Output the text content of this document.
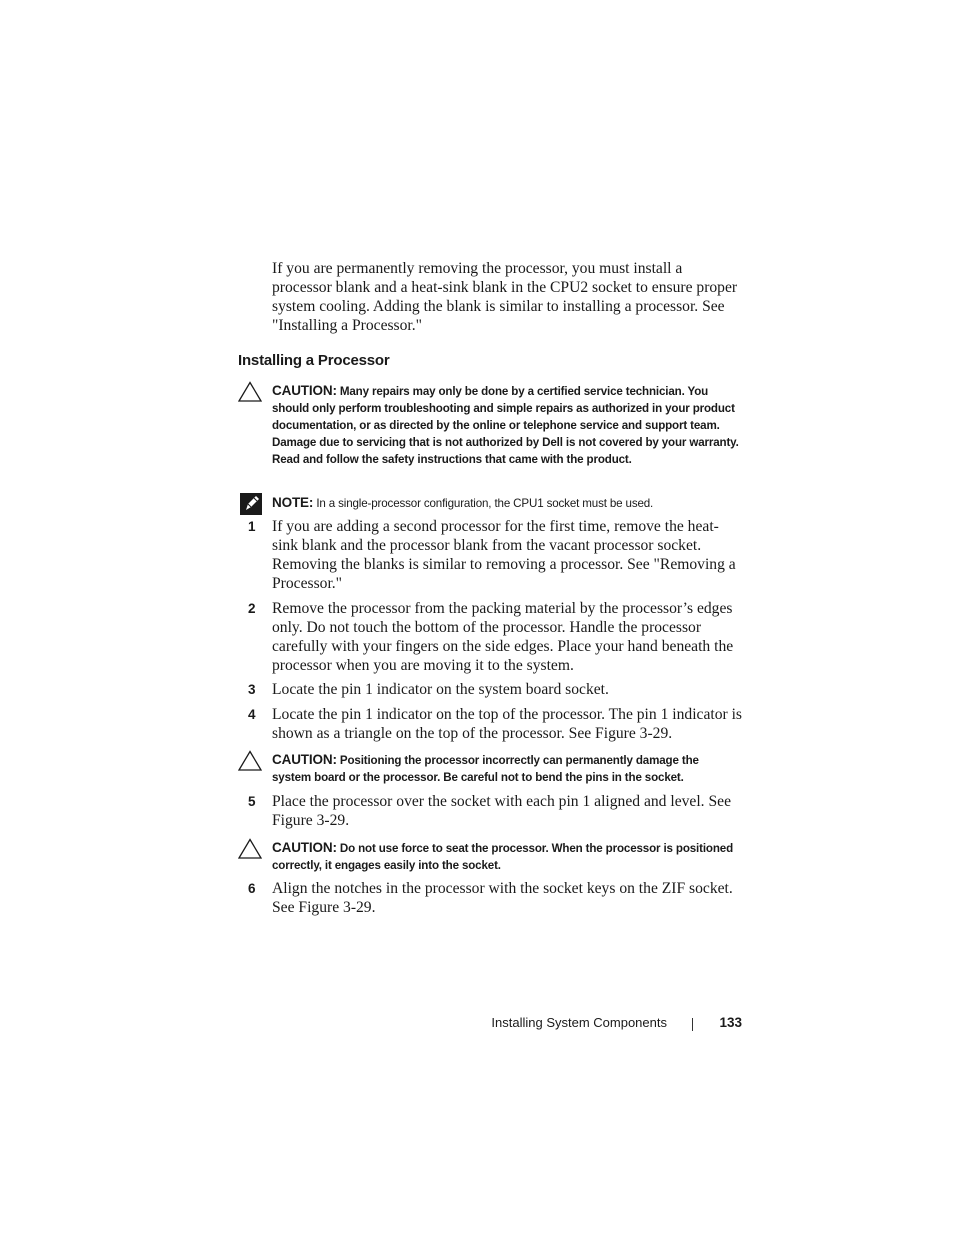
If you are permanently removing the processor, you must install a processor blank and a heat-sink blank in the CPU2 socket to ensure proper system cooling. Adding the blank is similar to installing a processor. See "Installing a Processor."
Installing a Processor
CAUTION: Many repairs may only be done by a certified service technician. You should only perform troubleshooting and simple repairs as authorized in your product documentation, or as directed by the online or telephone service and support team. Damage due to servicing that is not authorized by Dell is not covered by your warranty. Read and follow the safety instructions that came with the product.
NOTE: In a single-processor configuration, the CPU1 socket must be used.
1 If you are adding a second processor for the first time, remove the heat-sink blank and the processor blank from the vacant processor socket. Removing the blanks is similar to removing a processor. See "Removing a Processor."
2 Remove the processor from the packing material by the processor’s edges only. Do not touch the bottom of the processor. Handle the processor carefully with your fingers on the side edges. Place your hand beneath the processor when you are moving it to the system.
3 Locate the pin 1 indicator on the system board socket.
4 Locate the pin 1 indicator on the top of the processor. The pin 1 indicator is shown as a triangle on the top of the processor. See Figure 3-29.
CAUTION: Positioning the processor incorrectly can permanently damage the system board or the processor. Be careful not to bend the pins in the socket.
5 Place the processor over the socket with each pin 1 aligned and level. See Figure 3-29.
CAUTION: Do not use force to seat the processor. When the processor is positioned correctly, it engages easily into the socket.
6 Align the notches in the processor with the socket keys on the ZIF socket. See Figure 3-29.
Installing System Components	133
